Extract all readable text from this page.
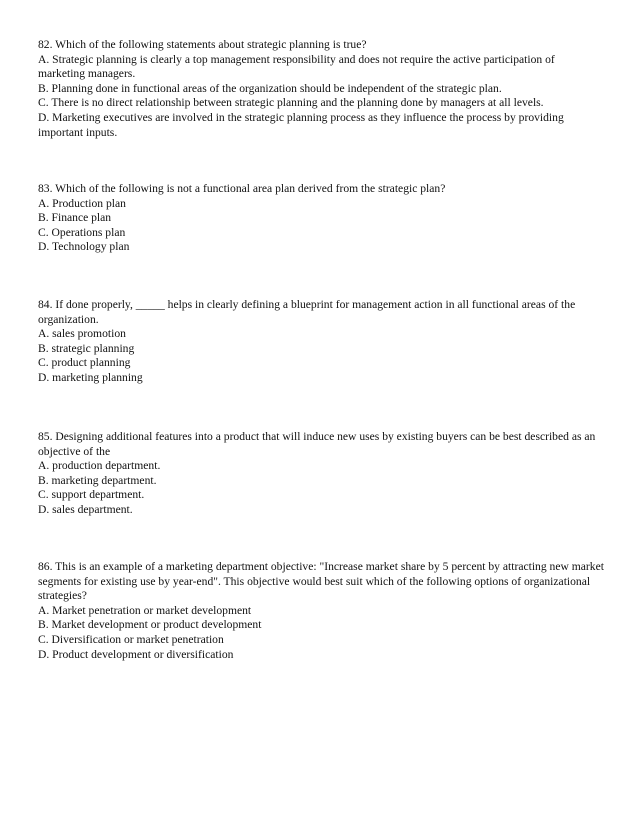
82. Which of the following statements about strategic planning is true?

A. Strategic planning is clearly a top management responsibility and does not require the active participation of marketing managers.

B. Planning done in functional areas of the organization should be independent of the strategic plan.

C. There is no direct relationship between strategic planning and the planning done by managers at all levels.

D. Marketing executives are involved in the strategic planning process as they influence the process by providing important inputs.

83. Which of the following is not a functional area plan derived from the strategic plan?

A. Production plan

B. Finance plan

C. Operations plan

D. Technology plan

84. If done properly, _____ helps in clearly defining a blueprint for management action in all functional areas of the organization.

A. sales promotion

B. strategic planning

C. product planning

D. marketing planning

85. Designing additional features into a product that will induce new uses by existing buyers can be best described as an objective of the

A. production department.

B. marketing department.

C. support department.

D. sales department.

86. This is an example of a marketing department objective: "Increase market share by 5 percent by attracting new market segments for existing use by year-end". This objective would best suit which of the following options of organizational strategies?

A. Market penetration or market development

B. Market development or product development

C. Diversification or market penetration

D. Product development or diversification
